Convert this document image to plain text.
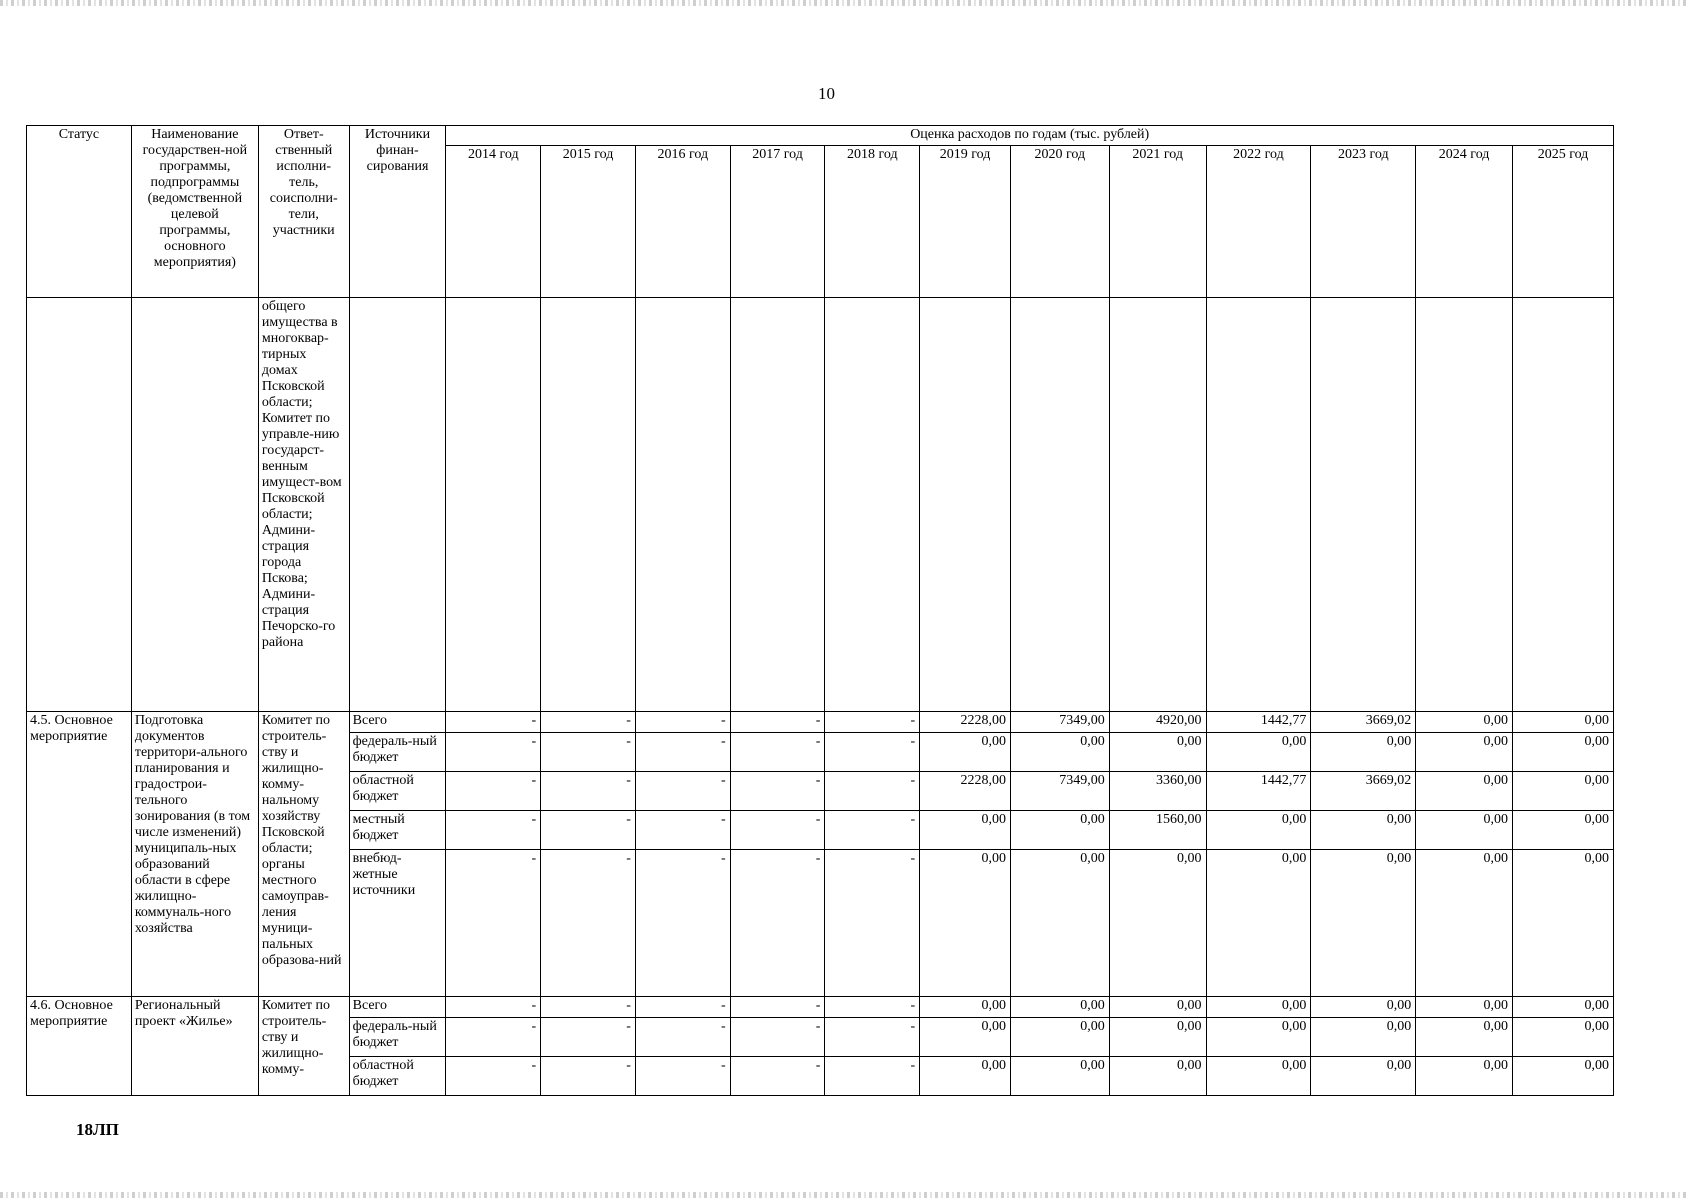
10
Статус	Наименование государствен-ной программы, подпрограммы (ведомственной целевой программы, основного мероприятия)	Ответ-ственный исполни-тель, соисполни-тели, участники	Источники финан-сирования	Оценка расходов по годам (тыс. рублей)											
				2014 год	2015 год	2016 год	2017 год	2018 год	2019 год	2020 год	2021 год	2022 год	2023 год	2024 год	2025 год
		общего имущества в многоквар-тирных домах Псковской области; Комитет по управле-нию государст-венным имущест-вом Псковской области; Админи-страция города Пскова; Админи-страция Печорско-го района													
4.5. Основное мероприятие	Подготовка документов территори-ального планирования и градострои-тельного зонирования (в том числе изменений) муниципаль-ных образований области в сфере жилищно-коммуналь-ного хозяйства	Комитет по строитель-ству и жилищно-комму-нальному хозяйству Псковской области; органы местного самоуправ-ления муници-пальных образова-ний	Всего	-	-	-	-	-	2228,00	7349,00	4920,00	1442,77	3669,02	0,00	0,00
			федераль-ный бюджет	-	-	-	-	-	0,00	0,00	0,00	0,00	0,00	0,00	0,00
			областной бюджет	-	-	-	-	-	2228,00	7349,00	3360,00	1442,77	3669,02	0,00	0,00
			местный бюджет	-	-	-	-	-	0,00	0,00	1560,00	0,00	0,00	0,00	0,00
			внебюд-жетные источники	-	-	-	-	-	0,00	0,00	0,00	0,00	0,00	0,00	0,00
4.6. Основное мероприятие	Региональный проект «Жилье»	Комитет по строитель-ству и жилищно-комму-	Всего	-	-	-	-	-	0,00	0,00	0,00	0,00	0,00	0,00	0,00
			федераль-ный бюджет	-	-	-	-	-	0,00	0,00	0,00	0,00	0,00	0,00	0,00
			областной бюджет	-	-	-	-	-	0,00	0,00	0,00	0,00	0,00	0,00	0,00
18ЛП
